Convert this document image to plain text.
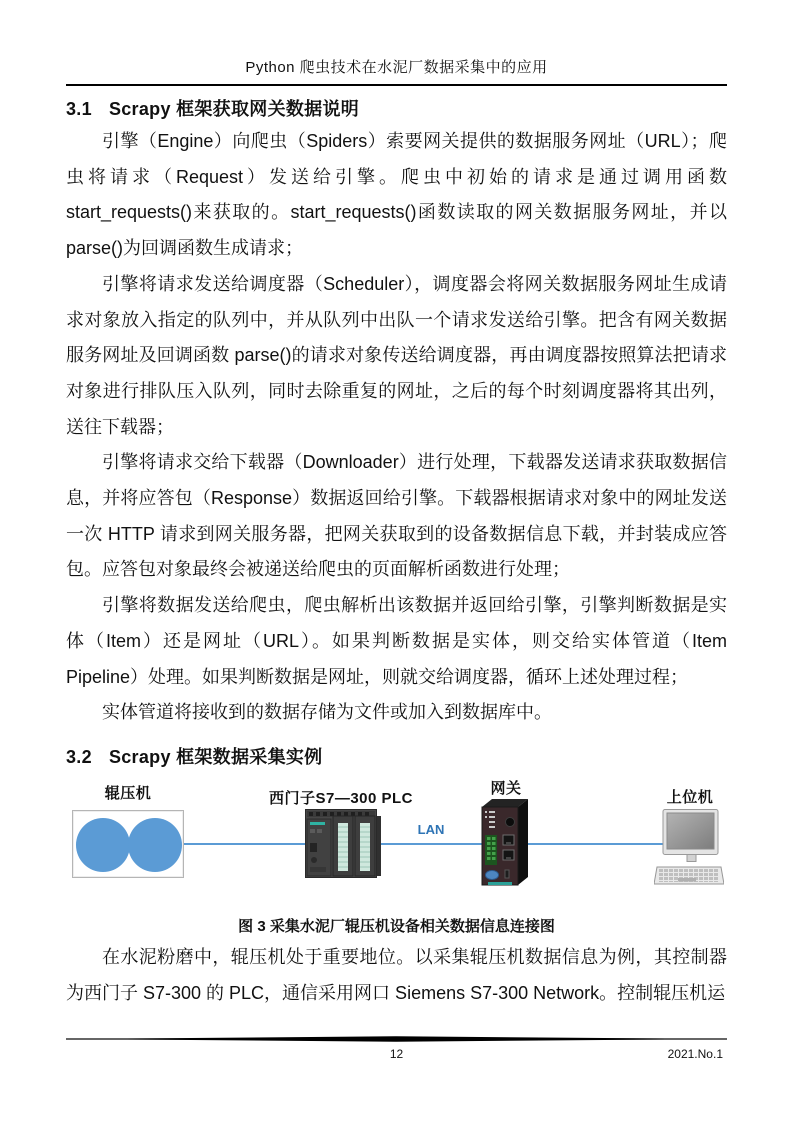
Python 爬虫技术在水泥厂数据采集中的应用
3.1 Scrapy 框架获取网关数据说明

引擎（Engine）向爬虫（Spiders）索要网关提供的数据服务网址（URL）；爬虫将请求（Request）发送给引擎。爬虫中初始的请求是通过调用函数start_requests()来获取的。start_requests()函数读取的网关数据服务网址，并以parse()为回调函数生成请求；

引擎将请求发送给调度器（Scheduler），调度器会将网关数据服务网址生成请求对象放入指定的队列中，并从队列中出队一个请求发送给引擎。把含有网关数据服务网址及回调函数 parse()的请求对象传送给调度器，再由调度器按照算法把请求对象进行排队压入队列，同时去除重复的网址，之后的每个时刻调度器将其出列，送往下载器；

引擎将请求交给下载器（Downloader）进行处理，下载器发送请求获取数据信息，并将应答包（Response）数据返回给引擎。下载器根据请求对象中的网址发送一次 HTTP 请求到网关服务器，把网关获取到的设备数据信息下载，并封装成应答包。应答包对象最终会被递送给爬虫的页面解析函数进行处理；

引擎将数据发送给爬虫，爬虫解析出该数据并返回给引擎，引擎判断数据是实体（Item）还是网址（URL）。如果判断数据是实体，则交给实体管道（Item Pipeline）处理。如果判断数据是网址，则就交给调度器，循环上述处理过程；

实体管道将接收到的数据存储为文件或加入到数据库中。

3.2 Scrapy 框架数据采集实例
LAN
辊压机	西门子S7—300 PLC
网关
上位机
图 3 采集水泥厂辊压机设备相关数据信息连接图

在水泥粉磨中，辊压机处于重要地位。以采集辊压机数据信息为例，其控制器为西门子 S7-300 的 PLC，通信采用网口 Siemens S7-300 Network。控制辊压机运

12	2021.No.1
